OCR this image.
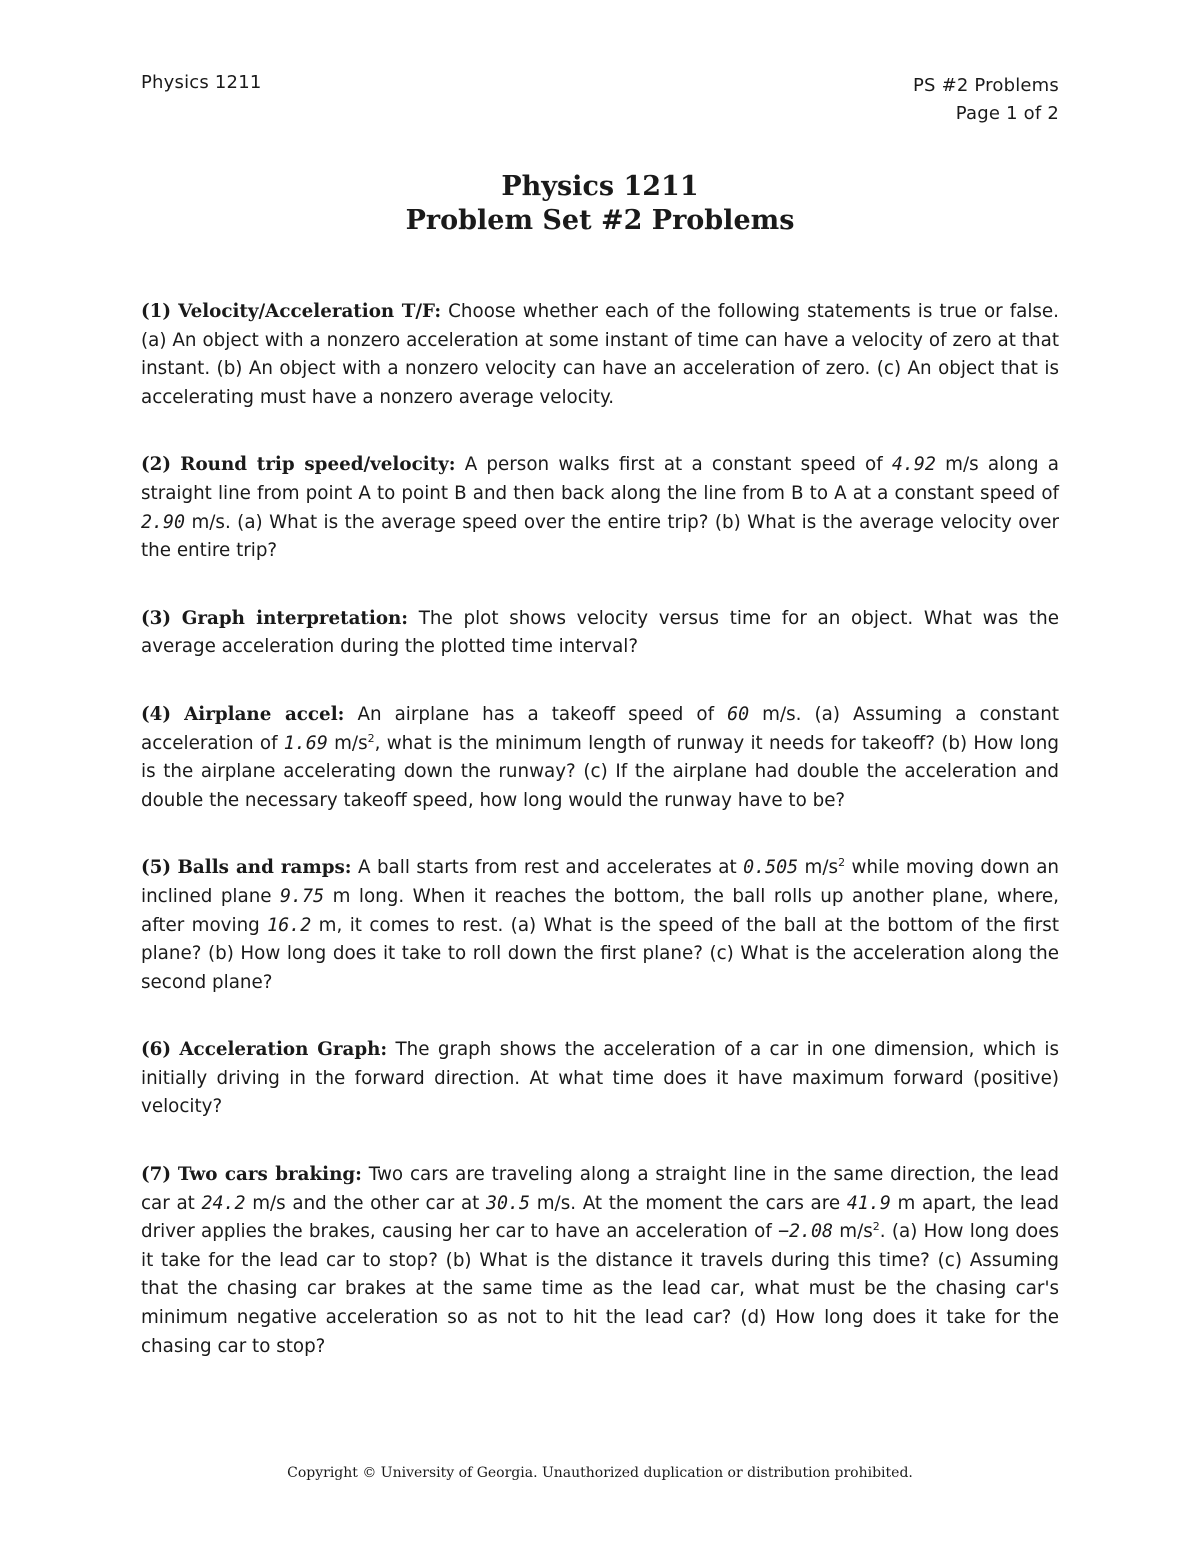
Physics 1211	PS #2 Problems
Page 1 of 2
Physics 1211
Problem Set #2 Problems

(1) Velocity/Acceleration T/F: Choose whether each of the following statements is true or false. (a) An object with a nonzero acceleration at some instant of time can have a velocity of zero at that instant. (b) An object with a nonzero velocity can have an acceleration of zero. (c) An object that is accelerating must have a nonzero average velocity.

(2) Round trip speed/velocity: A person walks first at a constant speed of 4.92 m/s along a straight line from point A to point B and then back along the line from B to A at a constant speed of 2.90 m/s. (a) What is the average speed over the entire trip? (b) What is the average velocity over the entire trip?

(3) Graph interpretation: The plot shows velocity versus time for an object. What was the average acceleration during the plotted time interval?

(4) Airplane accel: An airplane has a takeoff speed of 60 m/s. (a) Assuming a constant acceleration of 1.69 $m/s^2$, what is the minimum length of runway it needs for takeoff? (b) How long is the airplane accelerating down the runway? (c) If the airplane had double the acceleration and double the necessary takeoff speed, how long would the runway have to be?

(5) Balls and ramps: A ball starts from rest and accelerates at 0.505 $m/s^2$ while moving down an inclined plane 9.75 m long. When it reaches the bottom, the ball rolls up another plane, where, after moving 16.2 m, it comes to rest. (a) What is the speed of the ball at the bottom of the first plane? (b) How long does it take to roll down the first plane? (c) What is the acceleration along the second plane?

(6) Acceleration Graph: The graph shows the acceleration of a car in one dimension, which is initially driving in the forward direction. At what time does it have maximum forward (positive) velocity?

(7) Two cars braking: Two cars are traveling along a straight line in the same direction, the lead car at 24.2 m/s and the other car at 30.5 m/s. At the moment the cars are 41.9 m apart, the lead driver applies the brakes, causing her car to have an acceleration of −2.08 $m/s^2$. (a) How long does it take for the lead car to stop? (b) What is the distance it travels during this time? (c) Assuming that the chasing car brakes at the same time as the lead car, what must be the chasing car's minimum negative acceleration so as not to hit the lead car? (d) How long does it take for the chasing car to stop?

Copyright © University of Georgia. Unauthorized duplication or distribution prohibited.
